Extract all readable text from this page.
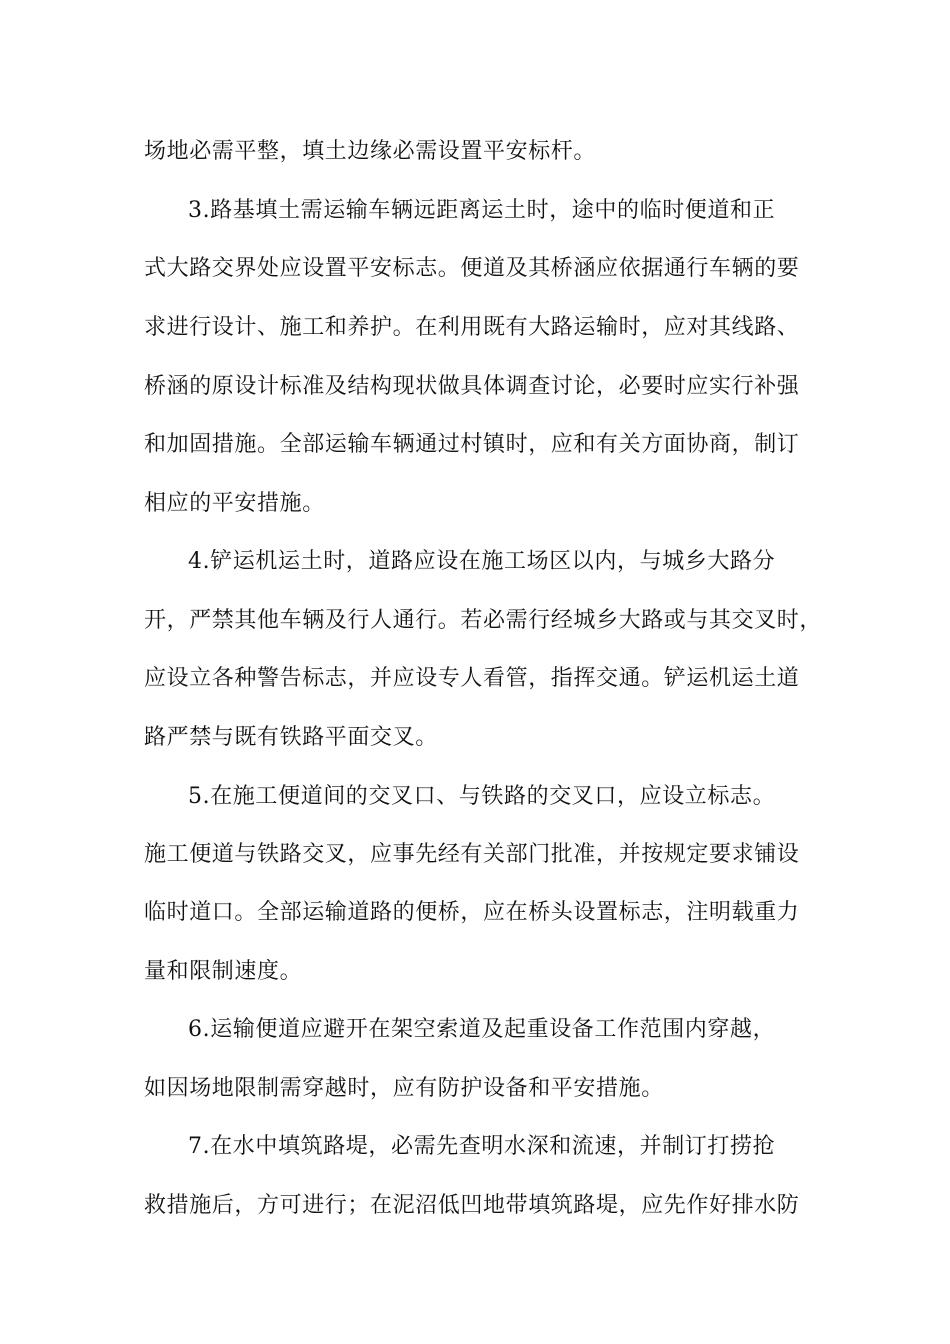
场地必需平整，填土边缘必需设置平安标杆。
3.路基填土需运输车辆远距离运土时，途中的临时便道和正
式大路交界处应设置平安标志。便道及其桥涵应依据通行车辆的要
求进行设计、施工和养护。在利用既有大路运输时，应对其线路、
桥涵的原设计标准及结构现状做具体调查讨论，必要时应实行补强
和加固措施。全部运输车辆通过村镇时，应和有关方面协商，制订
相应的平安措施。
4.铲运机运土时，道路应设在施工场区以内，与城乡大路分
开，严禁其他车辆及行人通行。若必需行经城乡大路或与其交叉时，
应设立各种警告标志，并应设专人看管，指挥交通。铲运机运土道
路严禁与既有铁路平面交叉。
5.在施工便道间的交叉口、与铁路的交叉口，应设立标志。
施工便道与铁路交叉，应事先经有关部门批准，并按规定要求铺设
临时道口。全部运输道路的便桥，应在桥头设置标志，注明载重力
量和限制速度。
6.运输便道应避开在架空索道及起重设备工作范围内穿越，
如因场地限制需穿越时，应有防护设备和平安措施。
7.在水中填筑路堤，必需先查明水深和流速，并制订打捞抢
救措施后，方可进行；在泥沼低凹地带填筑路堤，应先作好排水防
